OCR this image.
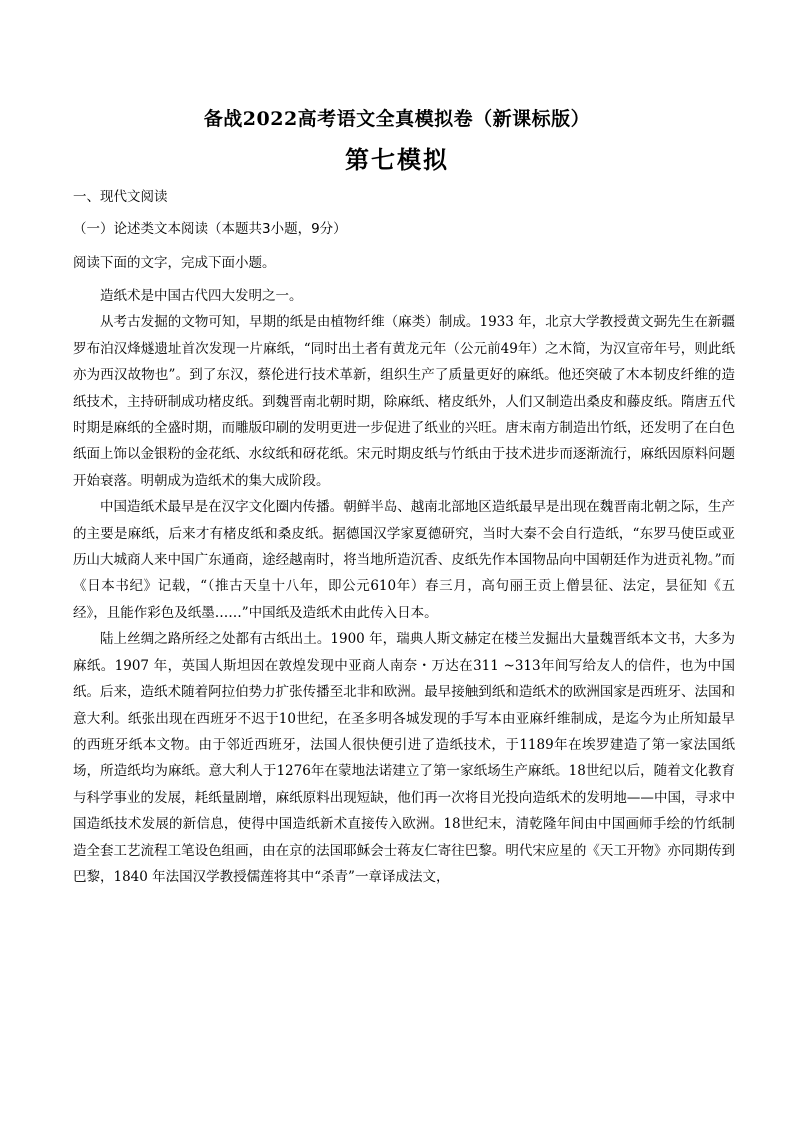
备战2022高考语文全真模拟卷（新课标版）
第七模拟
一、现代文阅读
（一）论述类文本阅读（本题共3小题，9分）
阅读下面的文字，完成下面小题。

造纸术是中国古代四大发明之一。

从考古发掘的文物可知，早期的纸是由植物纤维（麻类）制成。1933 年，北京大学教授黄文弼先生在新疆罗布泊汉烽燧遗址首次发现一片麻纸，“同时出土者有黄龙元年（公元前49年）之木简，为汉宣帝年号，则此纸亦为西汉故物也”。到了东汉，蔡伦进行技术革新，组织生产了质量更好的麻纸。他还突破了木本韧皮纤维的造纸技术，主持研制成功楮皮纸。到魏晋南北朝时期，除麻纸、楮皮纸外，人们又制造出桑皮和藤皮纸。隋唐五代时期是麻纸的全盛时期，而雕版印刷的发明更进一步促进了纸业的兴旺。唐末南方制造出竹纸，还发明了在白色纸面上饰以金银粉的金花纸、水纹纸和砑花纸。宋元时期皮纸与竹纸由于技术进步而逐渐流行，麻纸因原料问题开始衰落。明朝成为造纸术的集大成阶段。

中国造纸术最早是在汉字文化圈内传播。朝鲜半岛、越南北部地区造纸最早是出现在魏晋南北朝之际，生产的主要是麻纸，后来才有楮皮纸和桑皮纸。据德国汉学家夏德研究，当时大秦不会自行造纸，“东罗马使臣或亚历山大城商人来中国广东通商，途经越南时，将当地所造沉香、皮纸先作本国物品向中国朝廷作为进贡礼物。”而《日本书纪》记载，“（推古天皇十八年，即公元610年）春三月，高句丽王贡上僧昙征、法定，昙征知《五经》，且能作彩色及纸墨……”中国纸及造纸术由此传入日本。

陆上丝绸之路所经之处都有古纸出土。1900 年，瑞典人斯文赫定在楼兰发掘出大量魏晋纸本文书，大多为麻纸。1907 年，英国人斯坦因在敦煌发现中亚商人南奈・万达在311 ~313年间写给友人的信件，也为中国纸。后来，造纸术随着阿拉伯势力扩张传播至北非和欧洲。最早接触到纸和造纸术的欧洲国家是西班牙、法国和意大利。纸张出现在西班牙不迟于10世纪，在圣多明各城发现的手写本由亚麻纤维制成，是迄今为止所知最早的西班牙纸本文物。由于邻近西班牙，法国人很快便引进了造纸技术，于1189年在埃罗建造了第一家法国纸场，所造纸均为麻纸。意大利人于1276年在蒙地法诺建立了第一家纸场生产麻纸。18世纪以后，随着文化教育与科学事业的发展，耗纸量剧增，麻纸原料出现短缺，他们再一次将目光投向造纸术的发明地——中国，寻求中国造纸技术发展的新信息，使得中国造纸新术直接传入欧洲。18世纪末，清乾隆年间由中国画师手绘的竹纸制造全套工艺流程工笔设色组画，由在京的法国耶稣会士蒋友仁寄往巴黎。明代宋应星的《天工开物》亦同期传到巴黎，1840 年法国汉学教授儒莲将其中“杀青”一章译成法文，
